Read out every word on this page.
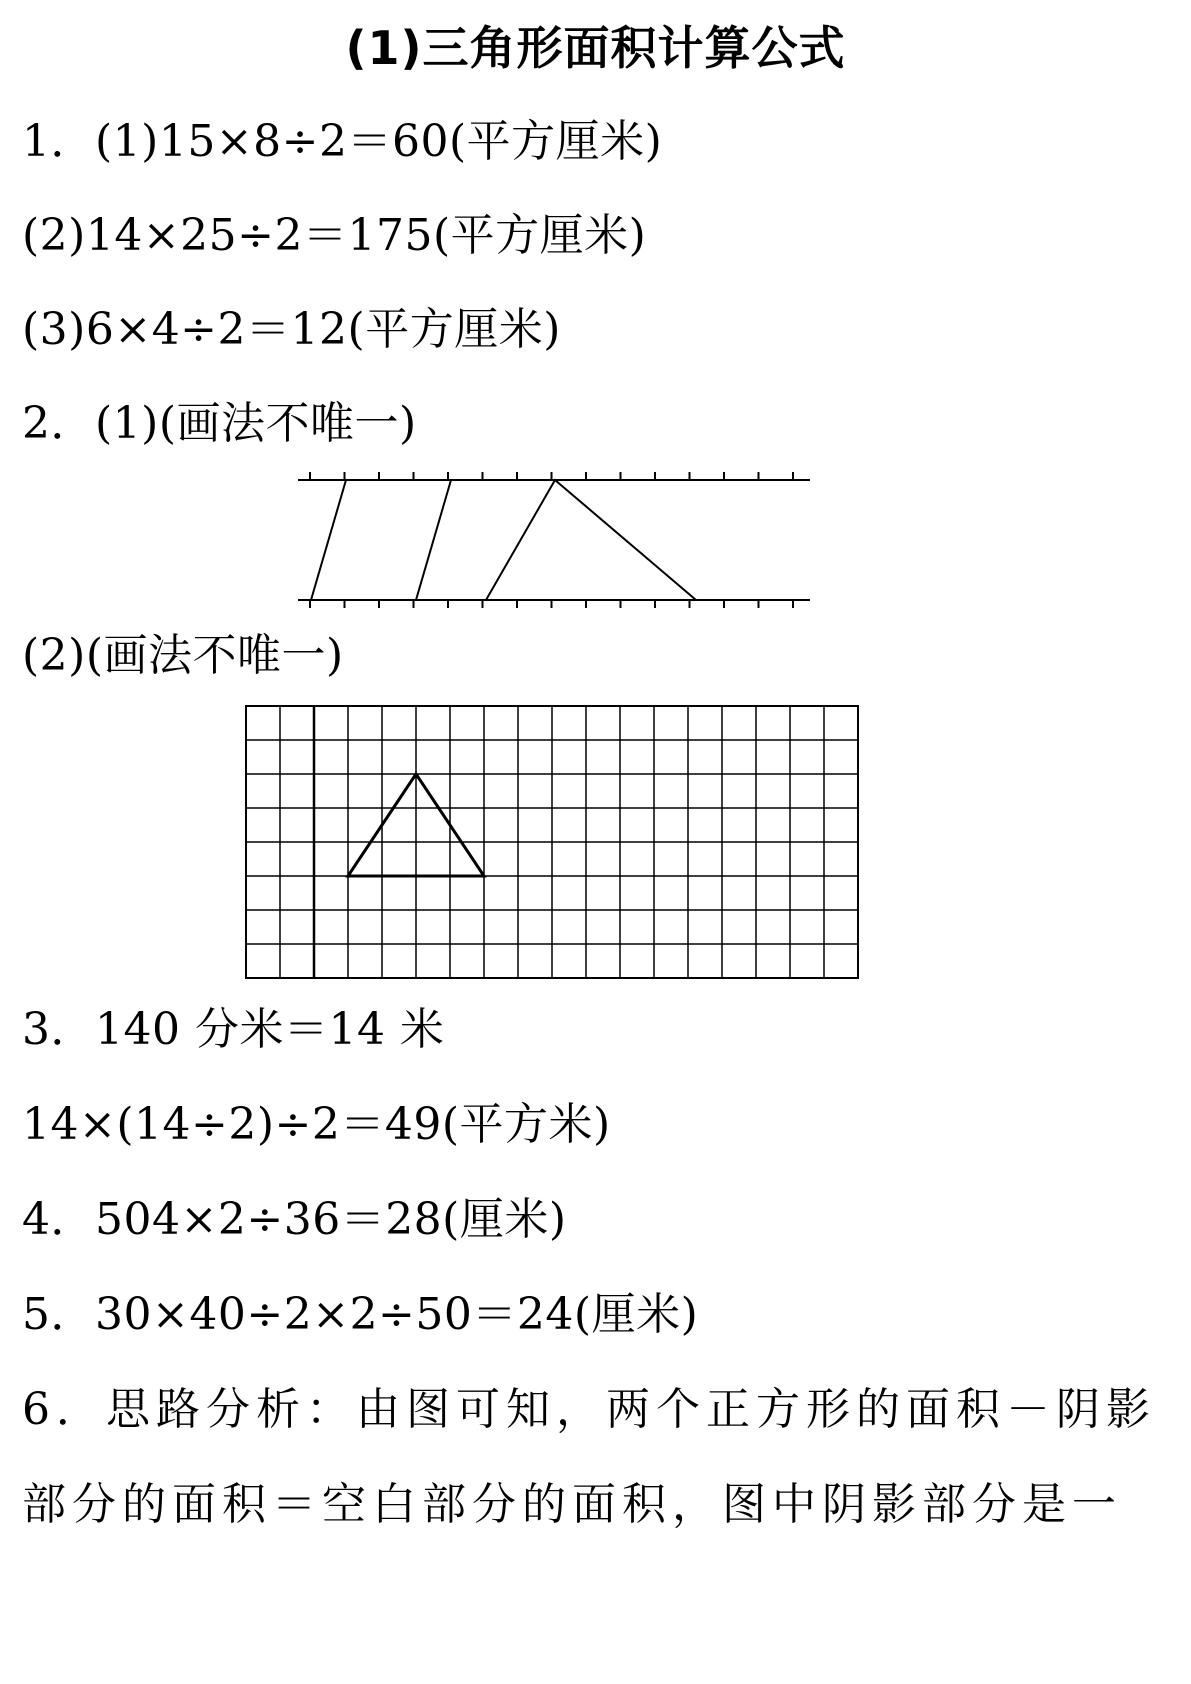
(1)三角形面积计算公式
1．(1)15×8÷2＝60(平方厘米)
(2)14×25÷2＝175(平方厘米)
(3)6×4÷2＝12(平方厘米)
2．(1)(画法不唯一)
(2)(画法不唯一)
3．140 分米＝14 米
14×(14÷2)÷2＝49(平方米)
4．504×2÷36＝28(厘米)
5．30×40÷2×2÷50＝24(厘米)
6．思路分析：由图可知，两个正方形的面积－阴影
部分的面积＝空白部分的面积，图中阴影部分是一
